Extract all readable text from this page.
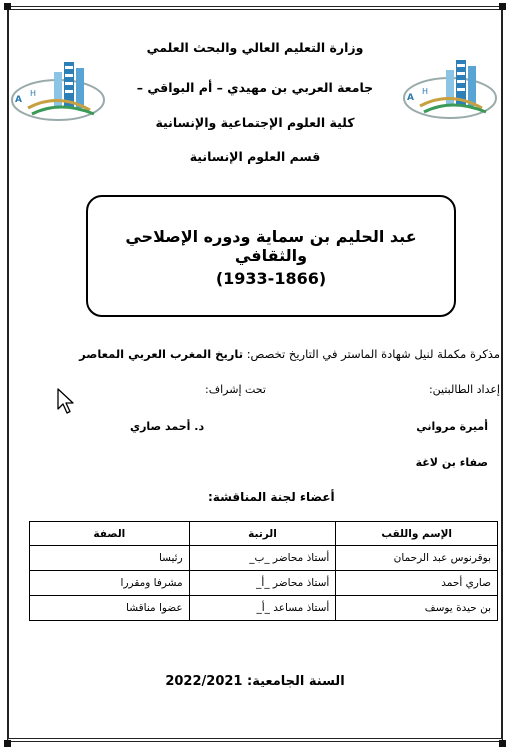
A
H
A
H
وزارة التعليم العالي والبحث العلمي
جامعة العربي بن مهيدي – أم البواقي –
كلية العلوم الإجتماعية والإنسانية
قسم العلوم الإنسانية
عبد الحليم بن سماية ودوره الإصلاحي والثقافي
(1933-1866)
مذكرة مكملة لنيل شهادة الماستر في التاريخ تخصص: تاريخ المغرب العربي المعاصر
إعداد الطالبتين:
تحت إشراف:
أميرة مرواني
د. أحمد صاري
صفاء بن لاغة
أعضاء لجنة المناقشة:
الإسم واللقب	الرتبة	الصفة
بوقرنوس عبد الرحمان	أستاذ محاضر _ب_	رئيسا
صاري أحمد	أستاذ محاضر _أ_	مشرفا ومقررا
بن حيدة يوسف	أستاذ مساعد _أ_	عضوا مناقشا
السنة الجامعية: 2022/2021
